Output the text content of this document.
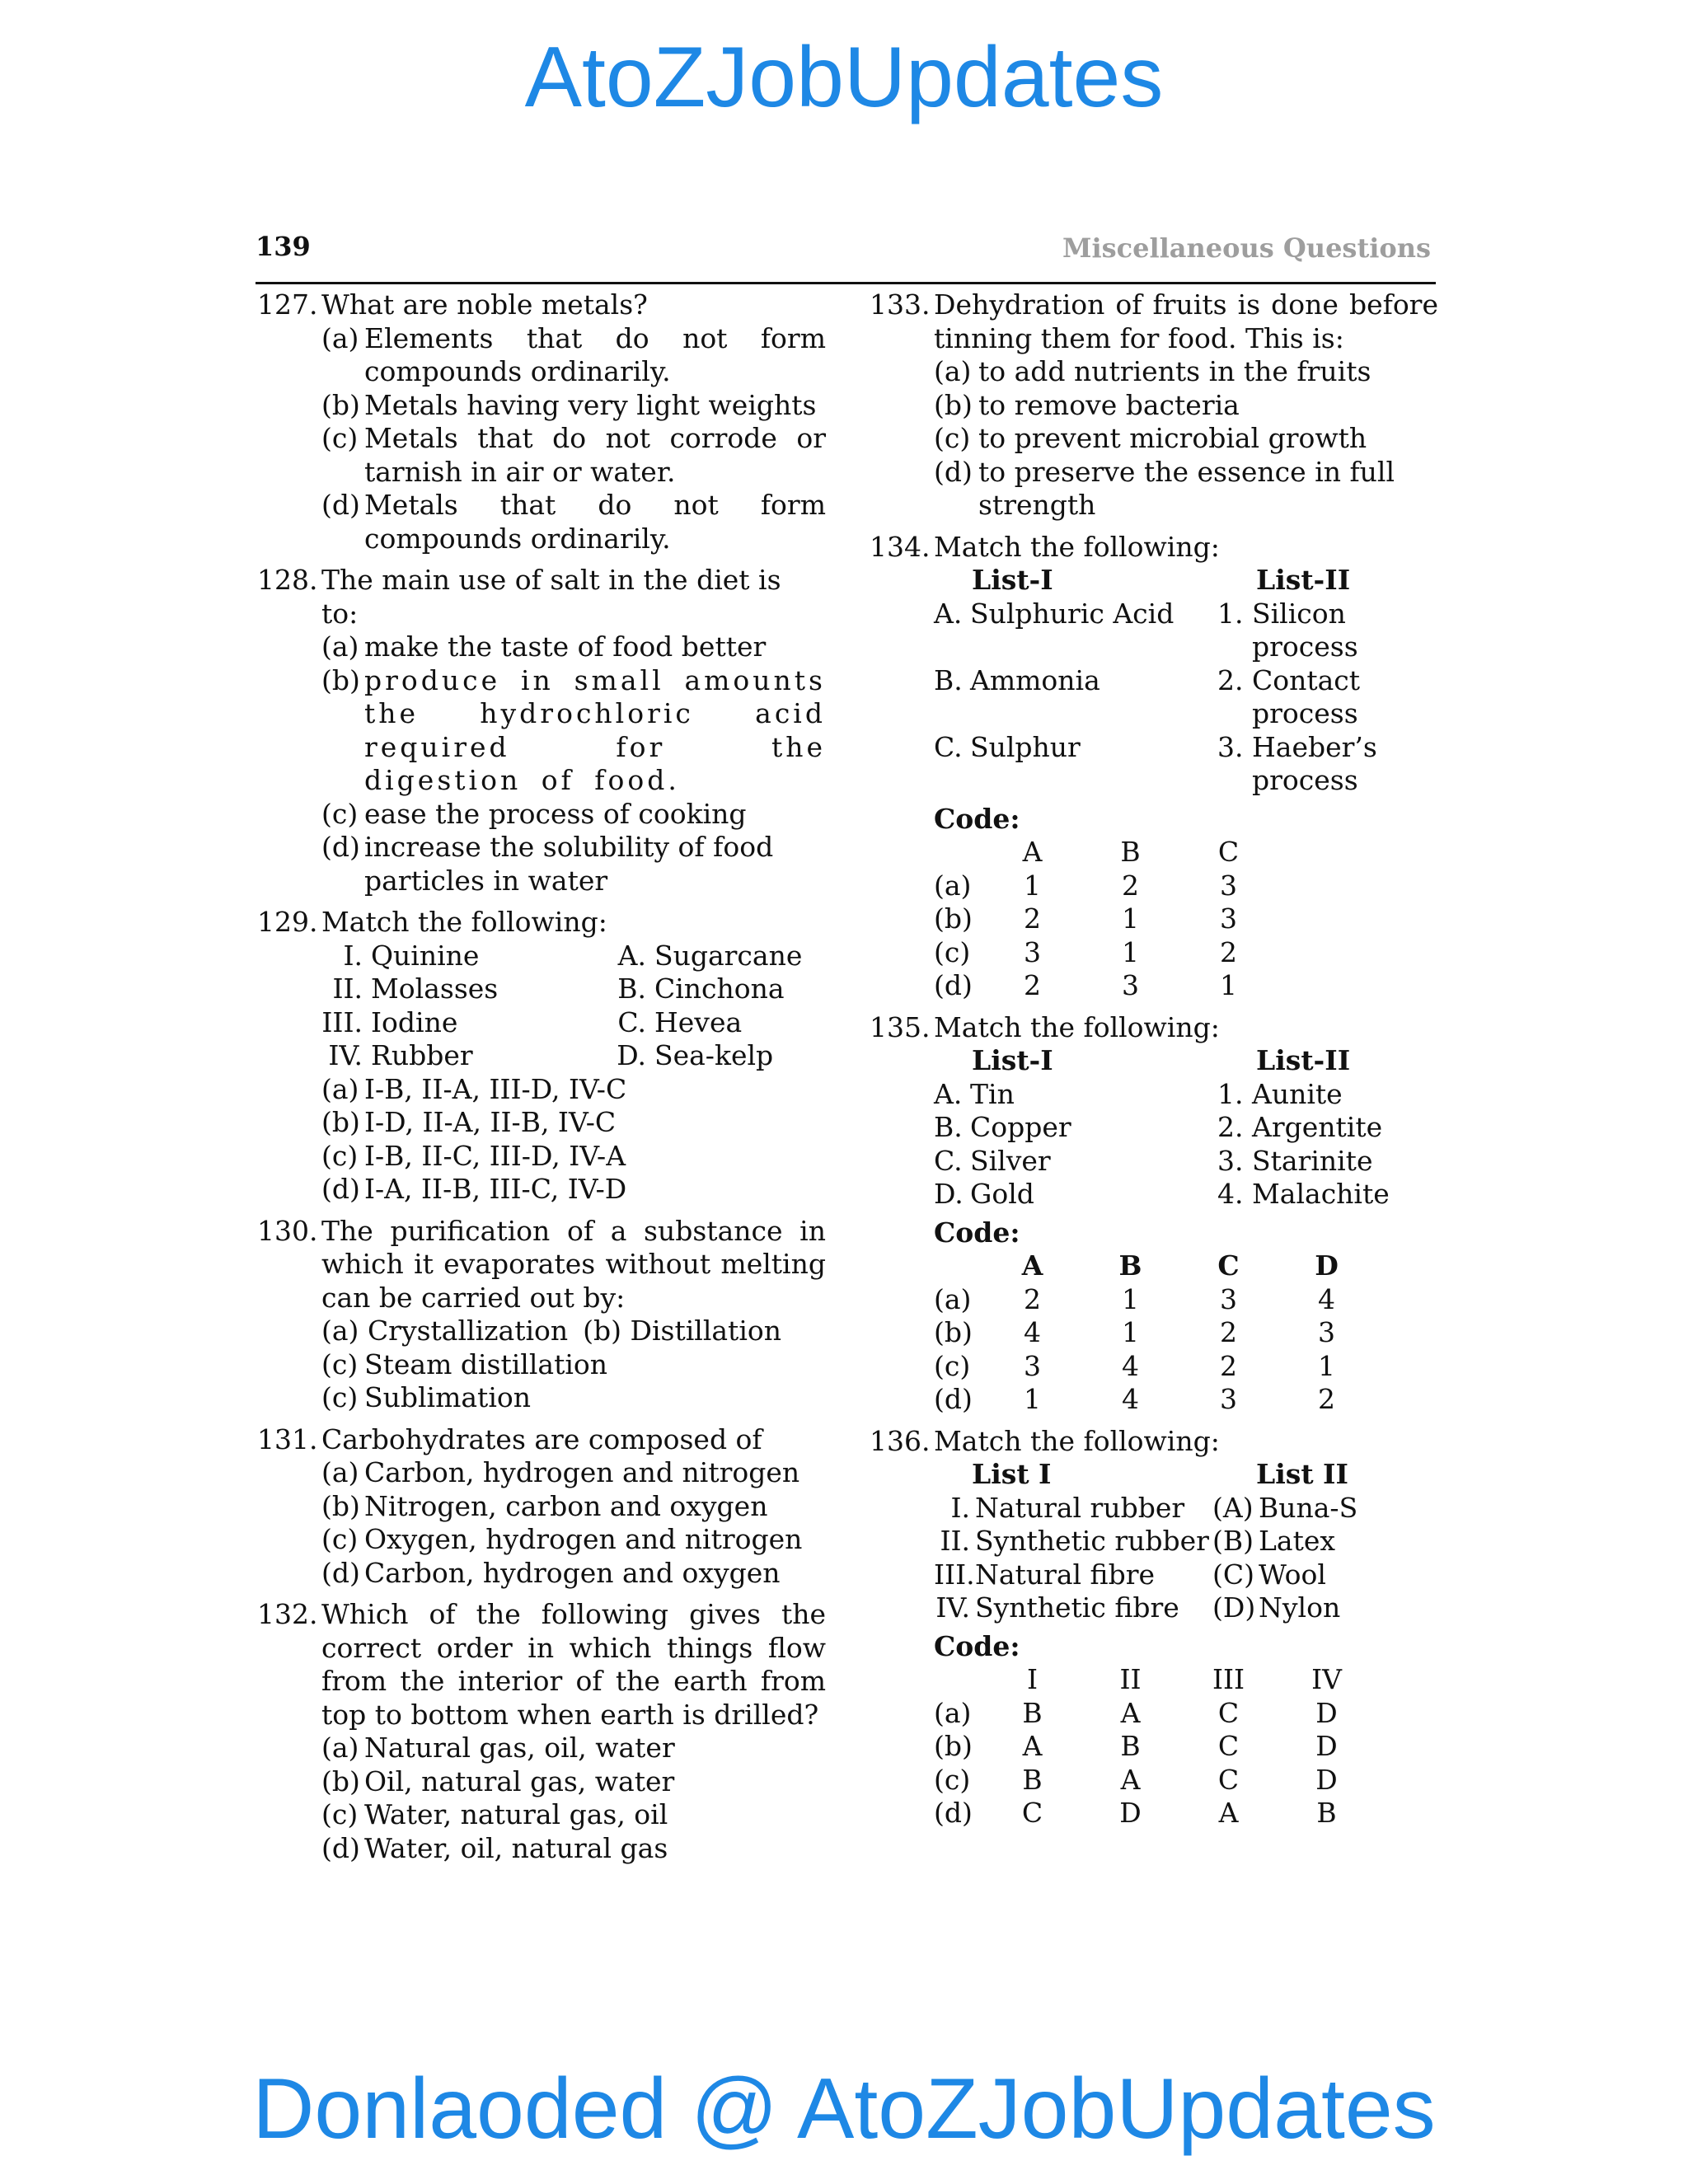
AtoZJobUpdates
139	Miscellaneous Questions
127. What are noble metals?
(a) Elements that do not form compounds ordinarily.
(b) Metals having very light weights
(c) Metals that do not corrode or tarnish in air or water.
(d) Metals that do not form compounds ordinarily.
128. The main use of salt in the diet is to:
(a) make the taste of food better
(b) produce in small amounts the hydrochloric acid required for the digestion of food.
(c) ease the process of cooking
(d) increase the solubility of food particles in water
129. Match the following:
I. Quinine	A. Sugarcane
II. Molasses	B. Cinchona
III. Iodine	C. Hevea
IV. Rubber	D. Sea-kelp
(a) I-B, II-A, III-D, IV-C
(b) I-D, II-A, II-B, IV-C
(c) I-B, II-C, III-D, IV-A
(d) I-A, II-B, III-C, IV-D
130. The purification of a substance in which it evaporates without melting can be carried out by:
(a) Crystallization (b) Distillation
(c) Steam distillation
(c) Sublimation
131. Carbohydrates are composed of
(a) Carbon, hydrogen and nitrogen
(b) Nitrogen, carbon and oxygen
(c) Oxygen, hydrogen and nitrogen
(d) Carbon, hydrogen and oxygen
132. Which of the following gives the correct order in which things flow from the interior of the earth from top to bottom when earth is drilled?
(a) Natural gas, oil, water
(b) Oil, natural gas, water
(c) Water, natural gas, oil
(d) Water, oil, natural gas
133. Dehydration of fruits is done before tinning them for food. This is:
(a) to add nutrients in the fruits
(b) to remove bacteria
(c) to prevent microbial growth
(d) to preserve the essence in full strength
134. Match the following:
List-I	List-II
A. Sulphuric Acid	1. Silicon
process
B. Ammonia	2. Contact
process
C. Sulphur	3. Haeber’s
process
Code:
	A	B	C
(a)	1	2	3
(b)	2	1	3
(c)	3	1	2
(d)	2	3	1
135. Match the following:
List-I	List-II
A. Tin	1. Aunite
B. Copper	2. Argentite
C. Silver	3. Starinite
D. Gold	4. Malachite
Code:
	A	B	C	D
(a)	2	1	3	4
(b)	4	1	2	3
(c)	3	4	2	1
(d)	1	4	3	2
136. Match the following:
List I	List II
I. Natural rubber	(A) Buna-S
II. Synthetic rubber (B) Latex
III. Natural fibre	(C) Wool
IV. Synthetic fibre	(D) Nylon
Code:
	I	II	III	IV
(a)	B	A	C	D
(b)	A	B	C	D
(c)	B	A	C	D
(d)	C	D	A	B
Donlaoded @ AtoZJobUpdates
